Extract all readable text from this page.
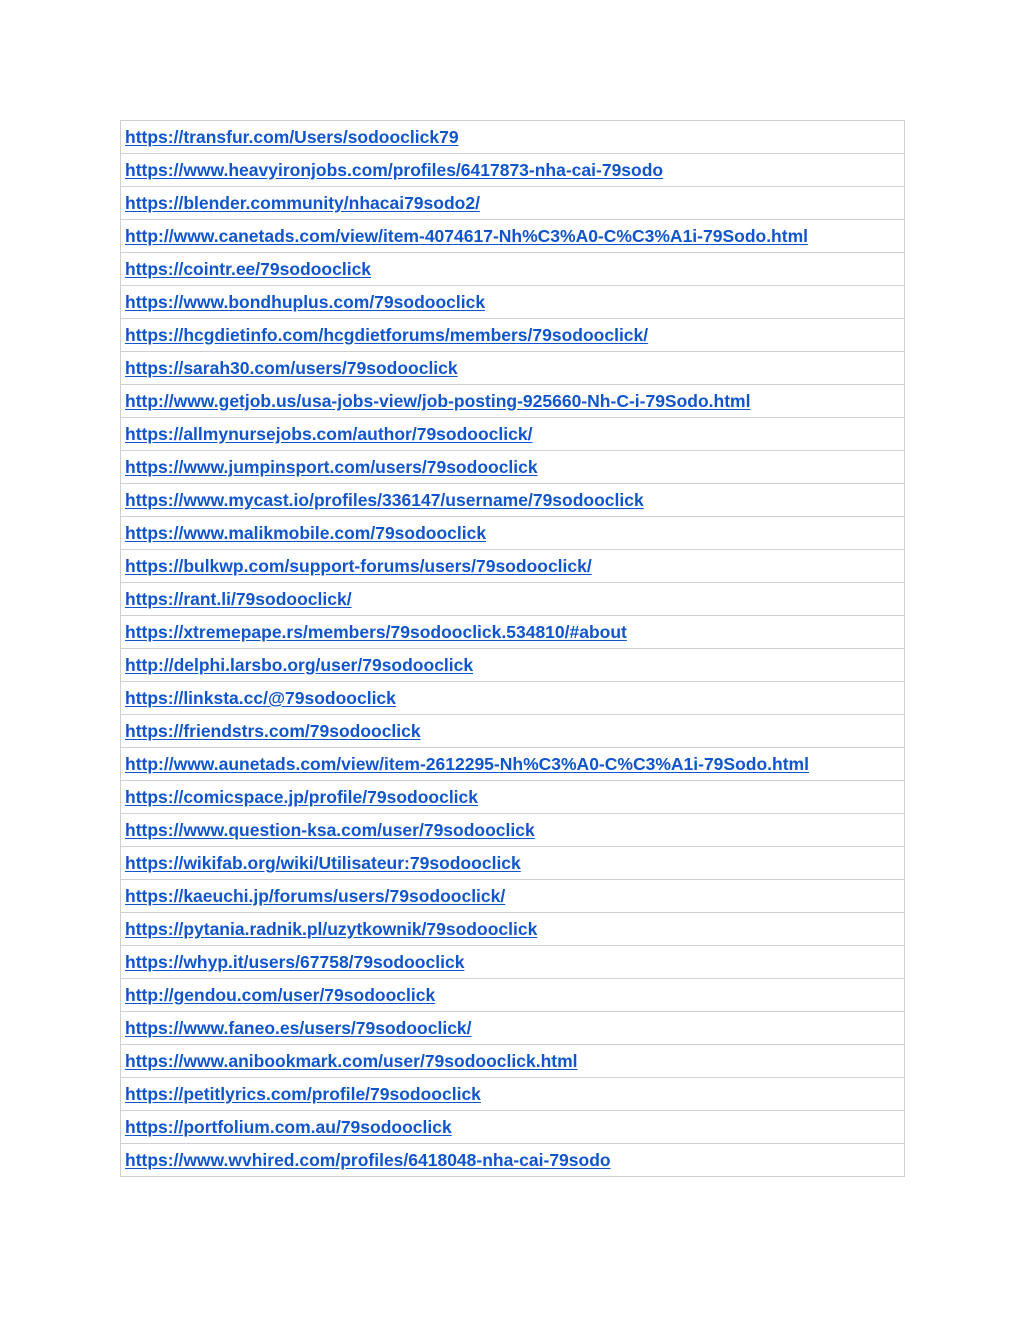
https://transfur.com/Users/sodooclick79
https://www.heavyironjobs.com/profiles/6417873-nha-cai-79sodo
https://blender.community/nhacai79sodo2/
http://www.canetads.com/view/item-4074617-Nh%C3%A0-C%C3%A1i-79Sodo.html
https://cointr.ee/79sodooclick
https://www.bondhuplus.com/79sodooclick
https://hcgdietinfo.com/hcgdietforums/members/79sodooclick/
https://sarah30.com/users/79sodooclick
http://www.getjob.us/usa-jobs-view/job-posting-925660-Nh-C-i-79Sodo.html
https://allmynursejobs.com/author/79sodooclick/
https://www.jumpinsport.com/users/79sodooclick
https://www.mycast.io/profiles/336147/username/79sodooclick
https://www.malikmobile.com/79sodooclick
https://bulkwp.com/support-forums/users/79sodooclick/
https://rant.li/79sodooclick/
https://xtremepape.rs/members/79sodooclick.534810/#about
http://delphi.larsbo.org/user/79sodooclick
https://linksta.cc/@79sodooclick
https://friendstrs.com/79sodooclick
http://www.aunetads.com/view/item-2612295-Nh%C3%A0-C%C3%A1i-79Sodo.html
https://comicspace.jp/profile/79sodooclick
https://www.question-ksa.com/user/79sodooclick
https://wikifab.org/wiki/Utilisateur:79sodooclick
https://kaeuchi.jp/forums/users/79sodooclick/
https://pytania.radnik.pl/uzytkownik/79sodooclick
https://whyp.it/users/67758/79sodooclick
http://gendou.com/user/79sodooclick
https://www.faneo.es/users/79sodooclick/
https://www.anibookmark.com/user/79sodooclick.html
https://petitlyrics.com/profile/79sodooclick
https://portfolium.com.au/79sodooclick
https://www.wvhired.com/profiles/6418048-nha-cai-79sodo
